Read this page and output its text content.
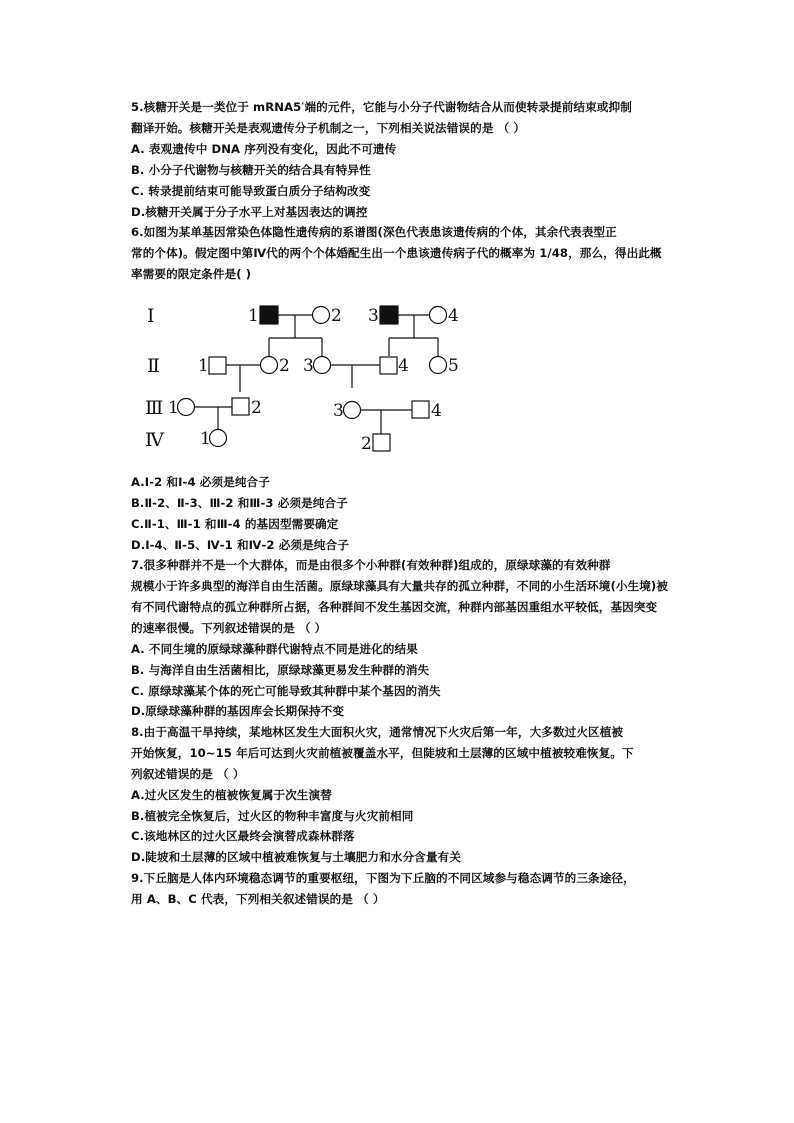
5.核糖开关是一类位于 mRNA5′端的元件，它能与小分子代谢物结合从而使转录提前结束或抑制
翻译开始。核糖开关是表观遗传分子机制之一，下列相关说法错误的是 （ ）
A. 表观遗传中 DNA 序列没有变化，因此不可遗传
B. 小分子代谢物与核糖开关的结合具有特异性
C. 转录提前结束可能导致蛋白质分子结构改变
D.核糖开关属于分子水平上对基因表达的调控
6.如图为某单基因常染色体隐性遗传病的系谱图(深色代表患该遗传病的个体，其余代表表型正
常的个体)。假定图中第Ⅳ代的两个个体婚配生出一个患该遗传病子代的概率为 1/48，那么，得出此概
率需要的限定条件是( )
Ⅰ
Ⅱ
Ⅲ
Ⅳ
1	2 3	4
1	2 3	4 5
1	2	3	4
1	2
A.Ⅰ-2 和Ⅰ-4 必须是纯合子
B.Ⅱ-2、Ⅱ-3、Ⅲ-2 和Ⅲ-3 必须是纯合子
C.Ⅱ-1、Ⅲ-1 和Ⅲ-4 的基因型需要确定
D.Ⅰ-4、Ⅱ-5、Ⅳ-1 和Ⅳ-2 必须是纯合子
7.很多种群并不是一个大群体，而是由很多个小种群(有效种群)组成的，原绿球藻的有效种群
规模小于许多典型的海洋自由生活菌。原绿球藻具有大量共存的孤立种群，不同的小生活环境(小生境)被
有不同代谢特点的孤立种群所占据，各种群间不发生基因交流，种群内部基因重组水平较低，基因突变
的速率很慢。下列叙述错误的是 （ ）
A. 不同生境的原绿球藻种群代谢特点不同是进化的结果
B. 与海洋自由生活菌相比，原绿球藻更易发生种群的消失
C. 原绿球藻某个体的死亡可能导致其种群中某个基因的消失
D.原绿球藻种群的基因库会长期保持不变
8.由于高温干旱持续，某地林区发生大面积火灾，通常情况下火灾后第一年，大多数过火区植被
开始恢复，10~15 年后可达到火灾前植被覆盖水平，但陡坡和土层薄的区域中植被较难恢复。下
列叙述错误的是 （ ）
A.过火区发生的植被恢复属于次生演替
B.植被完全恢复后，过火区的物种丰富度与火灾前相同
C.该地林区的过火区最终会演替成森林群落
D.陡坡和土层薄的区域中植被难恢复与土壤肥力和水分含量有关
9.下丘脑是人体内环境稳态调节的重要枢纽，下图为下丘脑的不同区域参与稳态调节的三条途径，
用 A、B、C 代表，下列相关叙述错误的是 （ ）
